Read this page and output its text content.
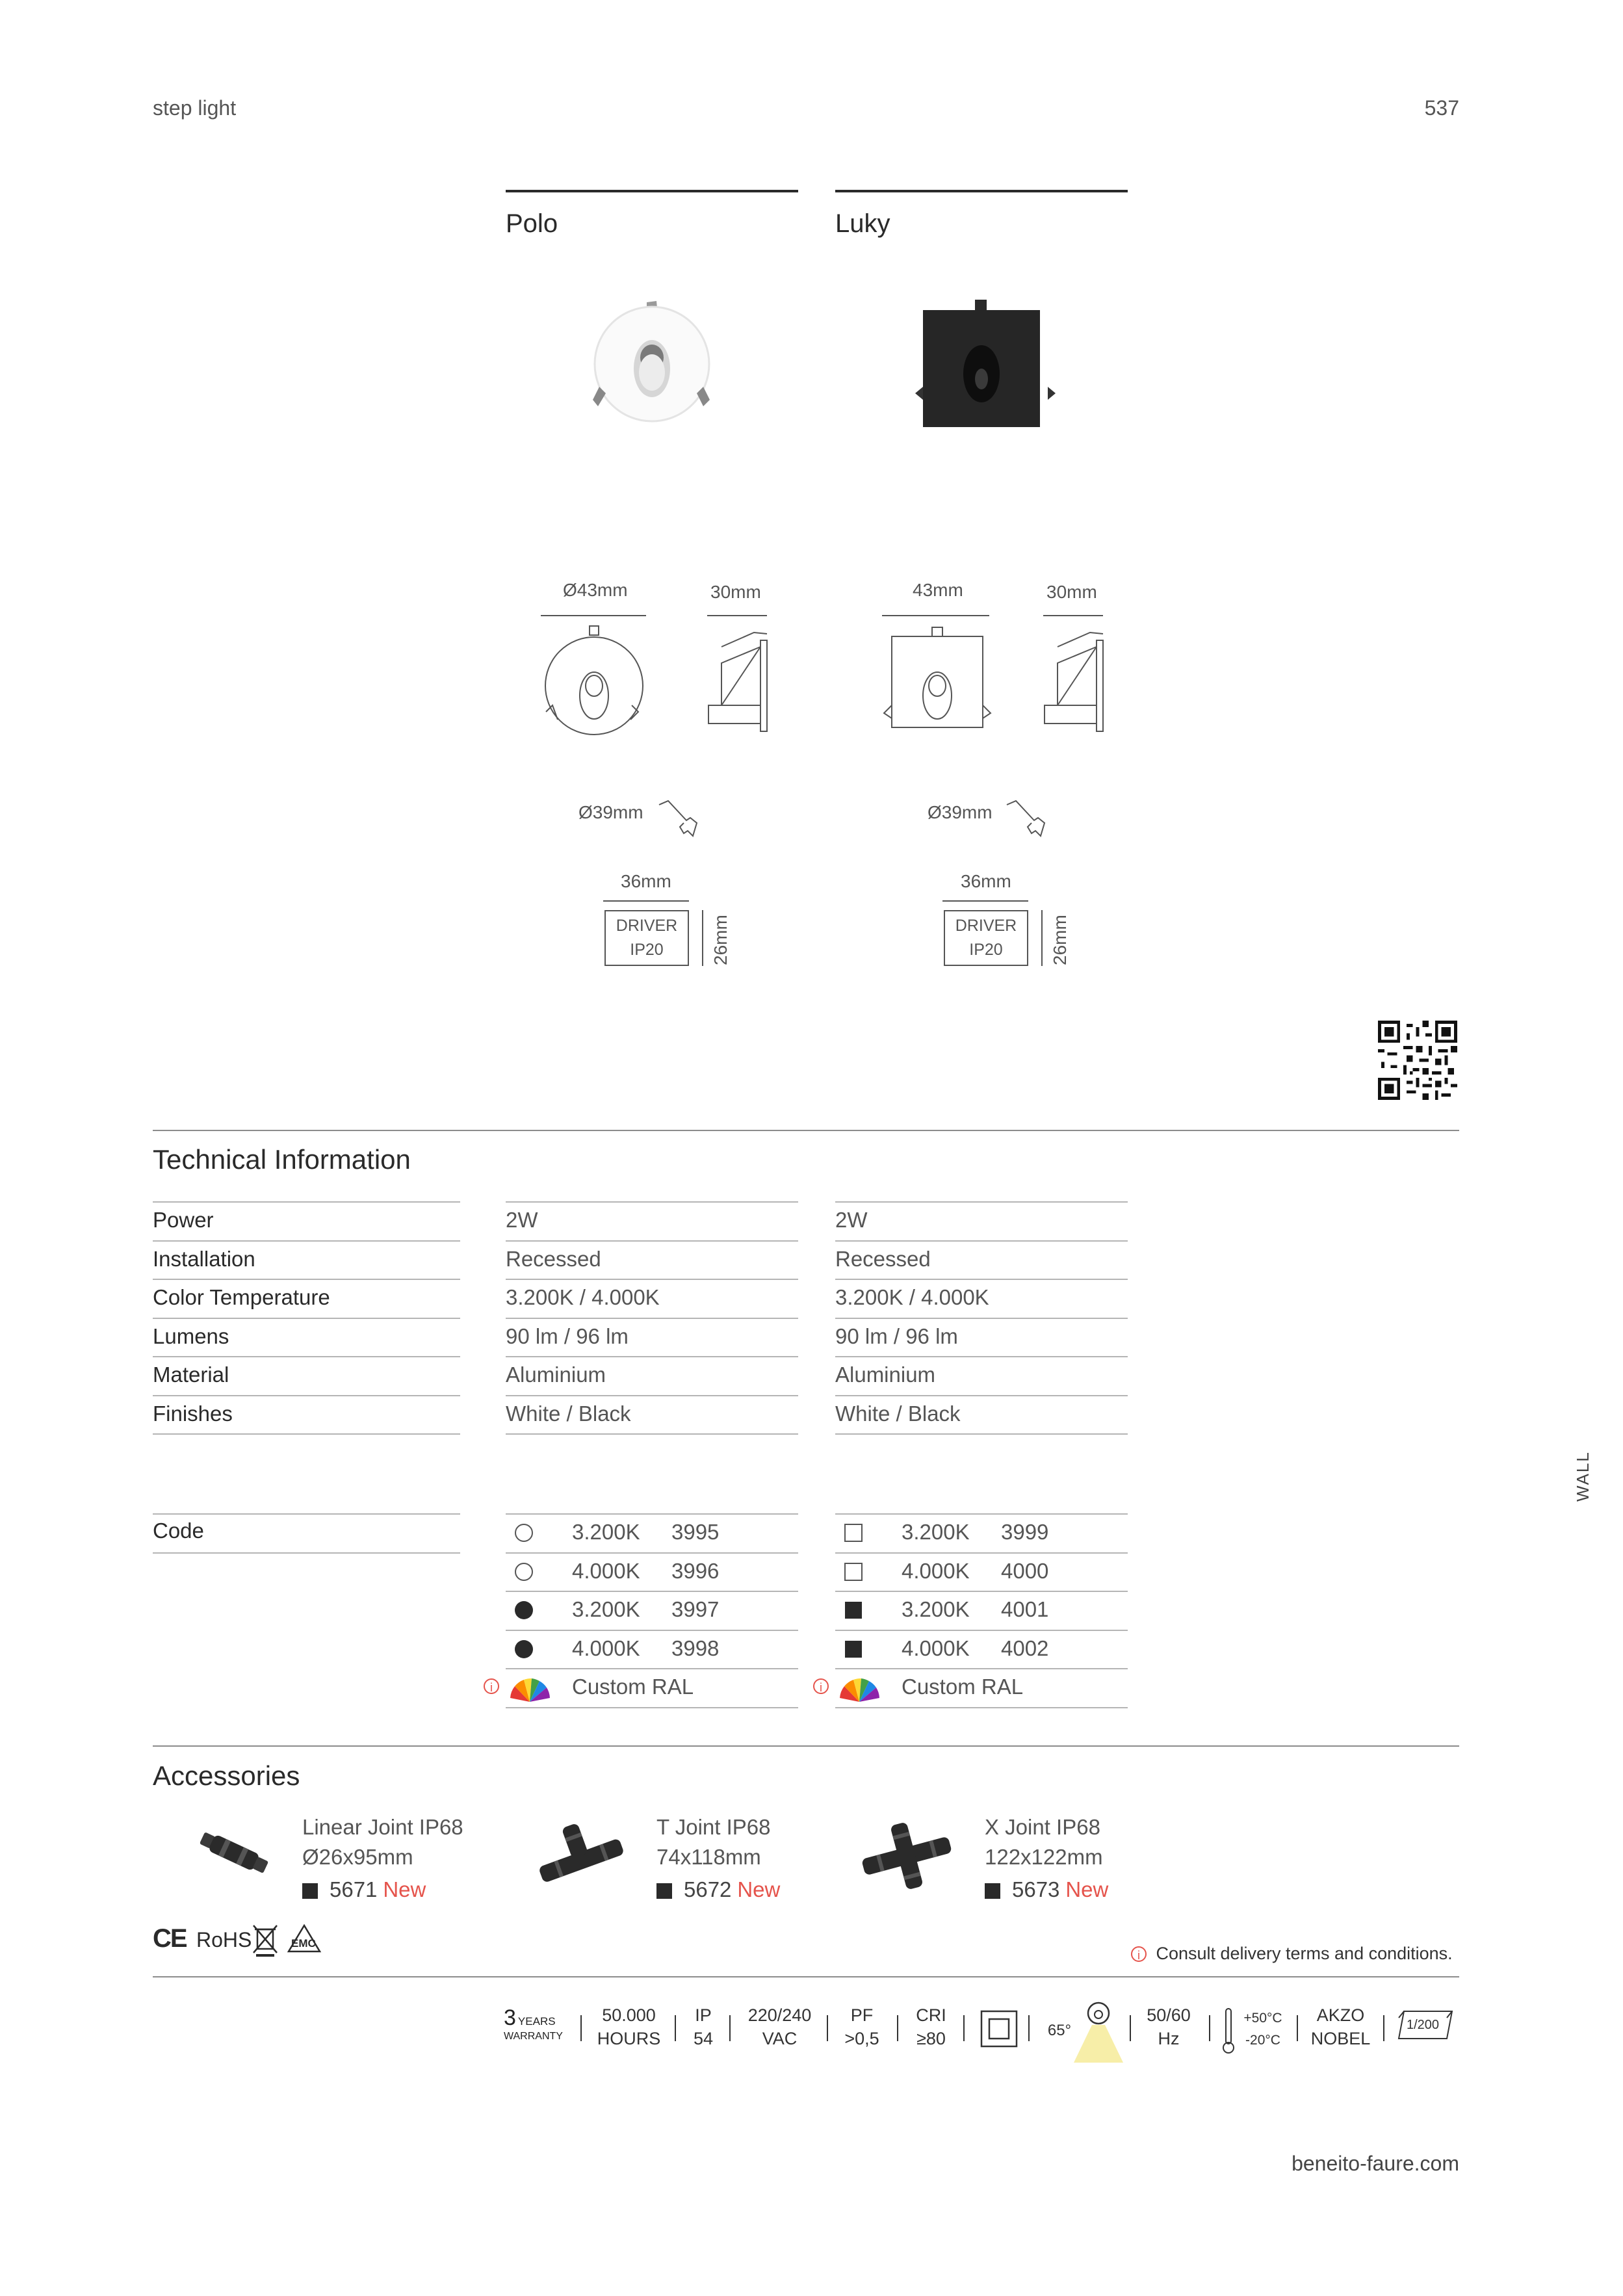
step light	537
Polo	Luky
Ø43mm	30mm	43mm	30mm
Ø39mm
36mm
DRIVER
IP20	26mm
Ø39mm
36mm
DRIVER
IP20	26mm
Technical Information
Power	2W	2W
Installation	Recessed	Recessed
Color Temperature	3.200K / 4.000K	3.200K / 4.000K
Lumens	90 lm / 96 lm	90 lm / 96 lm
Material	Aluminium	Aluminium
Finishes	White / Black	White / Black
WALL
Code	3.200K 3995
4.000K 3996
3.200K 3997
4.000K 3998
i	Custom RAL
3.200K 3999
4.000K 4000
3.200K 4001
4.000K 4002
i	Custom RAL
Accessories
Linear Joint IP68
Ø26x95mm
5671 New
T Joint IP68
74x118mm
5672 New
X Joint IP68
122x122mm
5673 New
CE RoHS	EMC
i Consult delivery terms and conditions.
3 YEARS
WARRANTY
50.000
HOURS
IP
54
220/240
VAC
PF
>0,5
CRI
≥80	65°
50/60
Hz
+50°C
-20°C
AKZO
NOBEL
1/200
beneito-faure.com
